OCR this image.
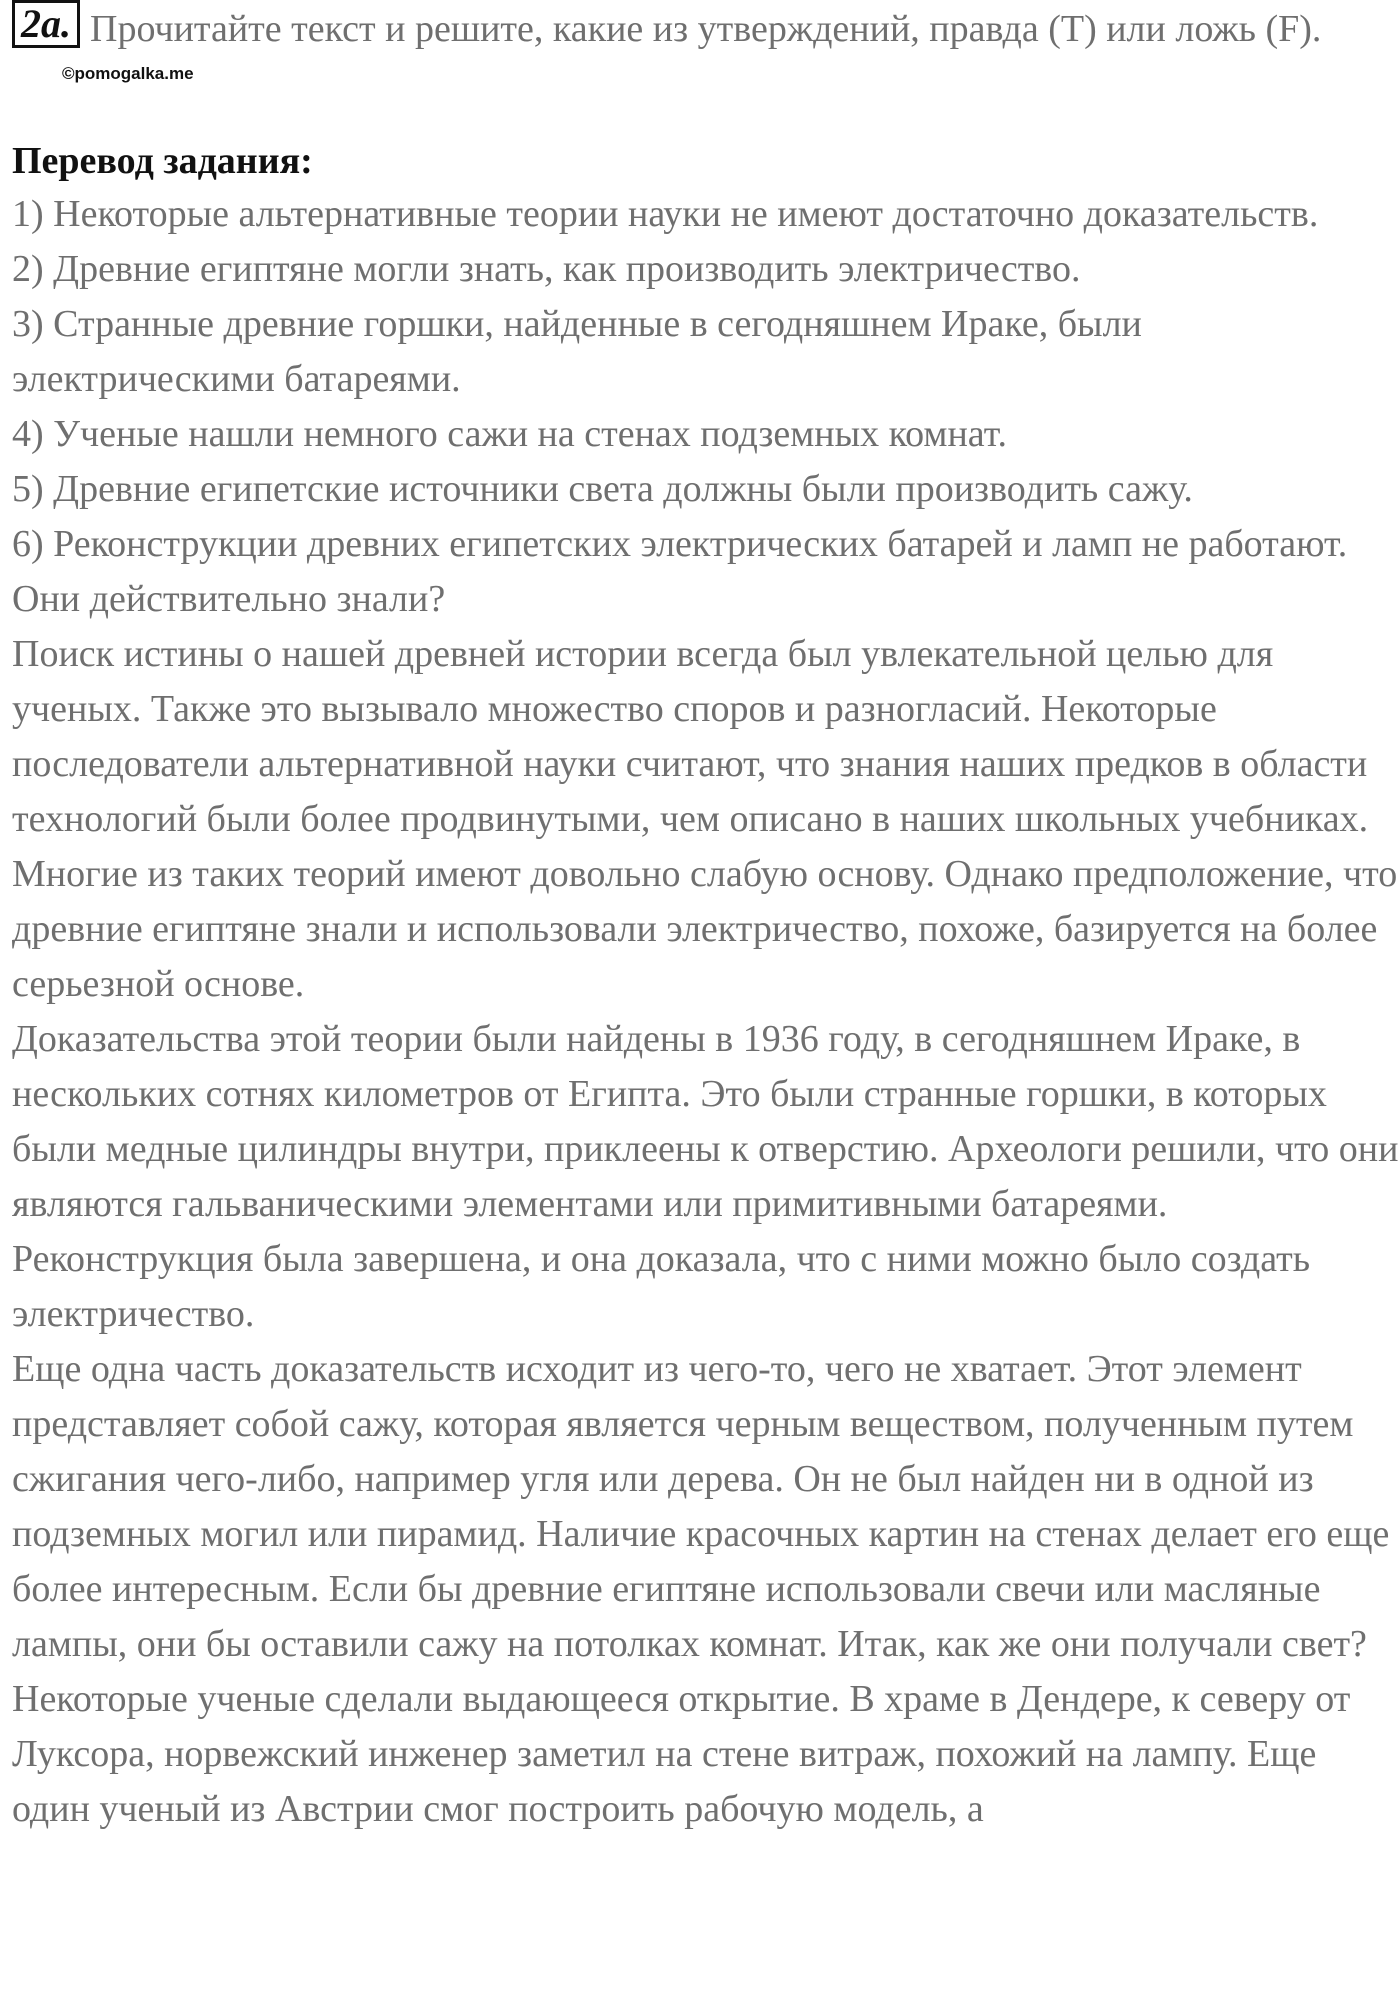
2a. Прочитайте текст и решите, какие из утверждений, правда (T) или ложь (F).
©pomogalka.me
Перевод задания:

1) Некоторые альтернативные теории науки не имеют достаточно доказательств.

2) Древние египтяне могли знать, как производить электричество.

3) Странные древние горшки, найденные в сегодняшнем Ираке, были электрическими батареями.

4) Ученые нашли немного сажи на стенах подземных комнат.

5) Древние египетские источники света должны были производить сажу.

6) Реконструкции древних египетских электрических батарей и ламп не работают.

Они действительно знали?

Поиск истины о нашей древней истории всегда был увлекательной целью для ученых. Также это вызывало множество споров и разногласий. Некоторые последователи альтернативной науки считают, что знания наших предков в области технологий были более продвинутыми, чем описано в наших школьных учебниках. Многие из таких теорий имеют довольно слабую основу. Однако предположение, что древние египтяне знали и использовали электричество, похоже, базируется на более серьезной основе.

Доказательства этой теории были найдены в 1936 году, в сегодняшнем Ираке, в нескольких сотнях километров от Египта. Это были странные горшки, в которых были медные цилиндры внутри, приклеены к отверстию. Археологи решили, что они являются гальваническими элементами или примитивными батареями. Реконструкция была завершена, и она доказала, что с ними можно было создать электричество.

Еще одна часть доказательств исходит из чего-то, чего не хватает. Этот элемент представляет собой сажу, которая является черным веществом, полученным путем сжигания чего-либо, например угля или дерева. Он не был найден ни в одной из подземных могил или пирамид. Наличие красочных картин на стенах делает его еще более интересным. Если бы древние египтяне использовали свечи или масляные лампы, они бы оставили сажу на потолках комнат. Итак, как же они получали свет?

Некоторые ученые сделали выдающееся открытие. В храме в Дендере, к северу от Луксора, норвежский инженер заметил на стене витраж, похожий на лампу. Еще один ученый из Австрии смог построить рабочую модель, а
